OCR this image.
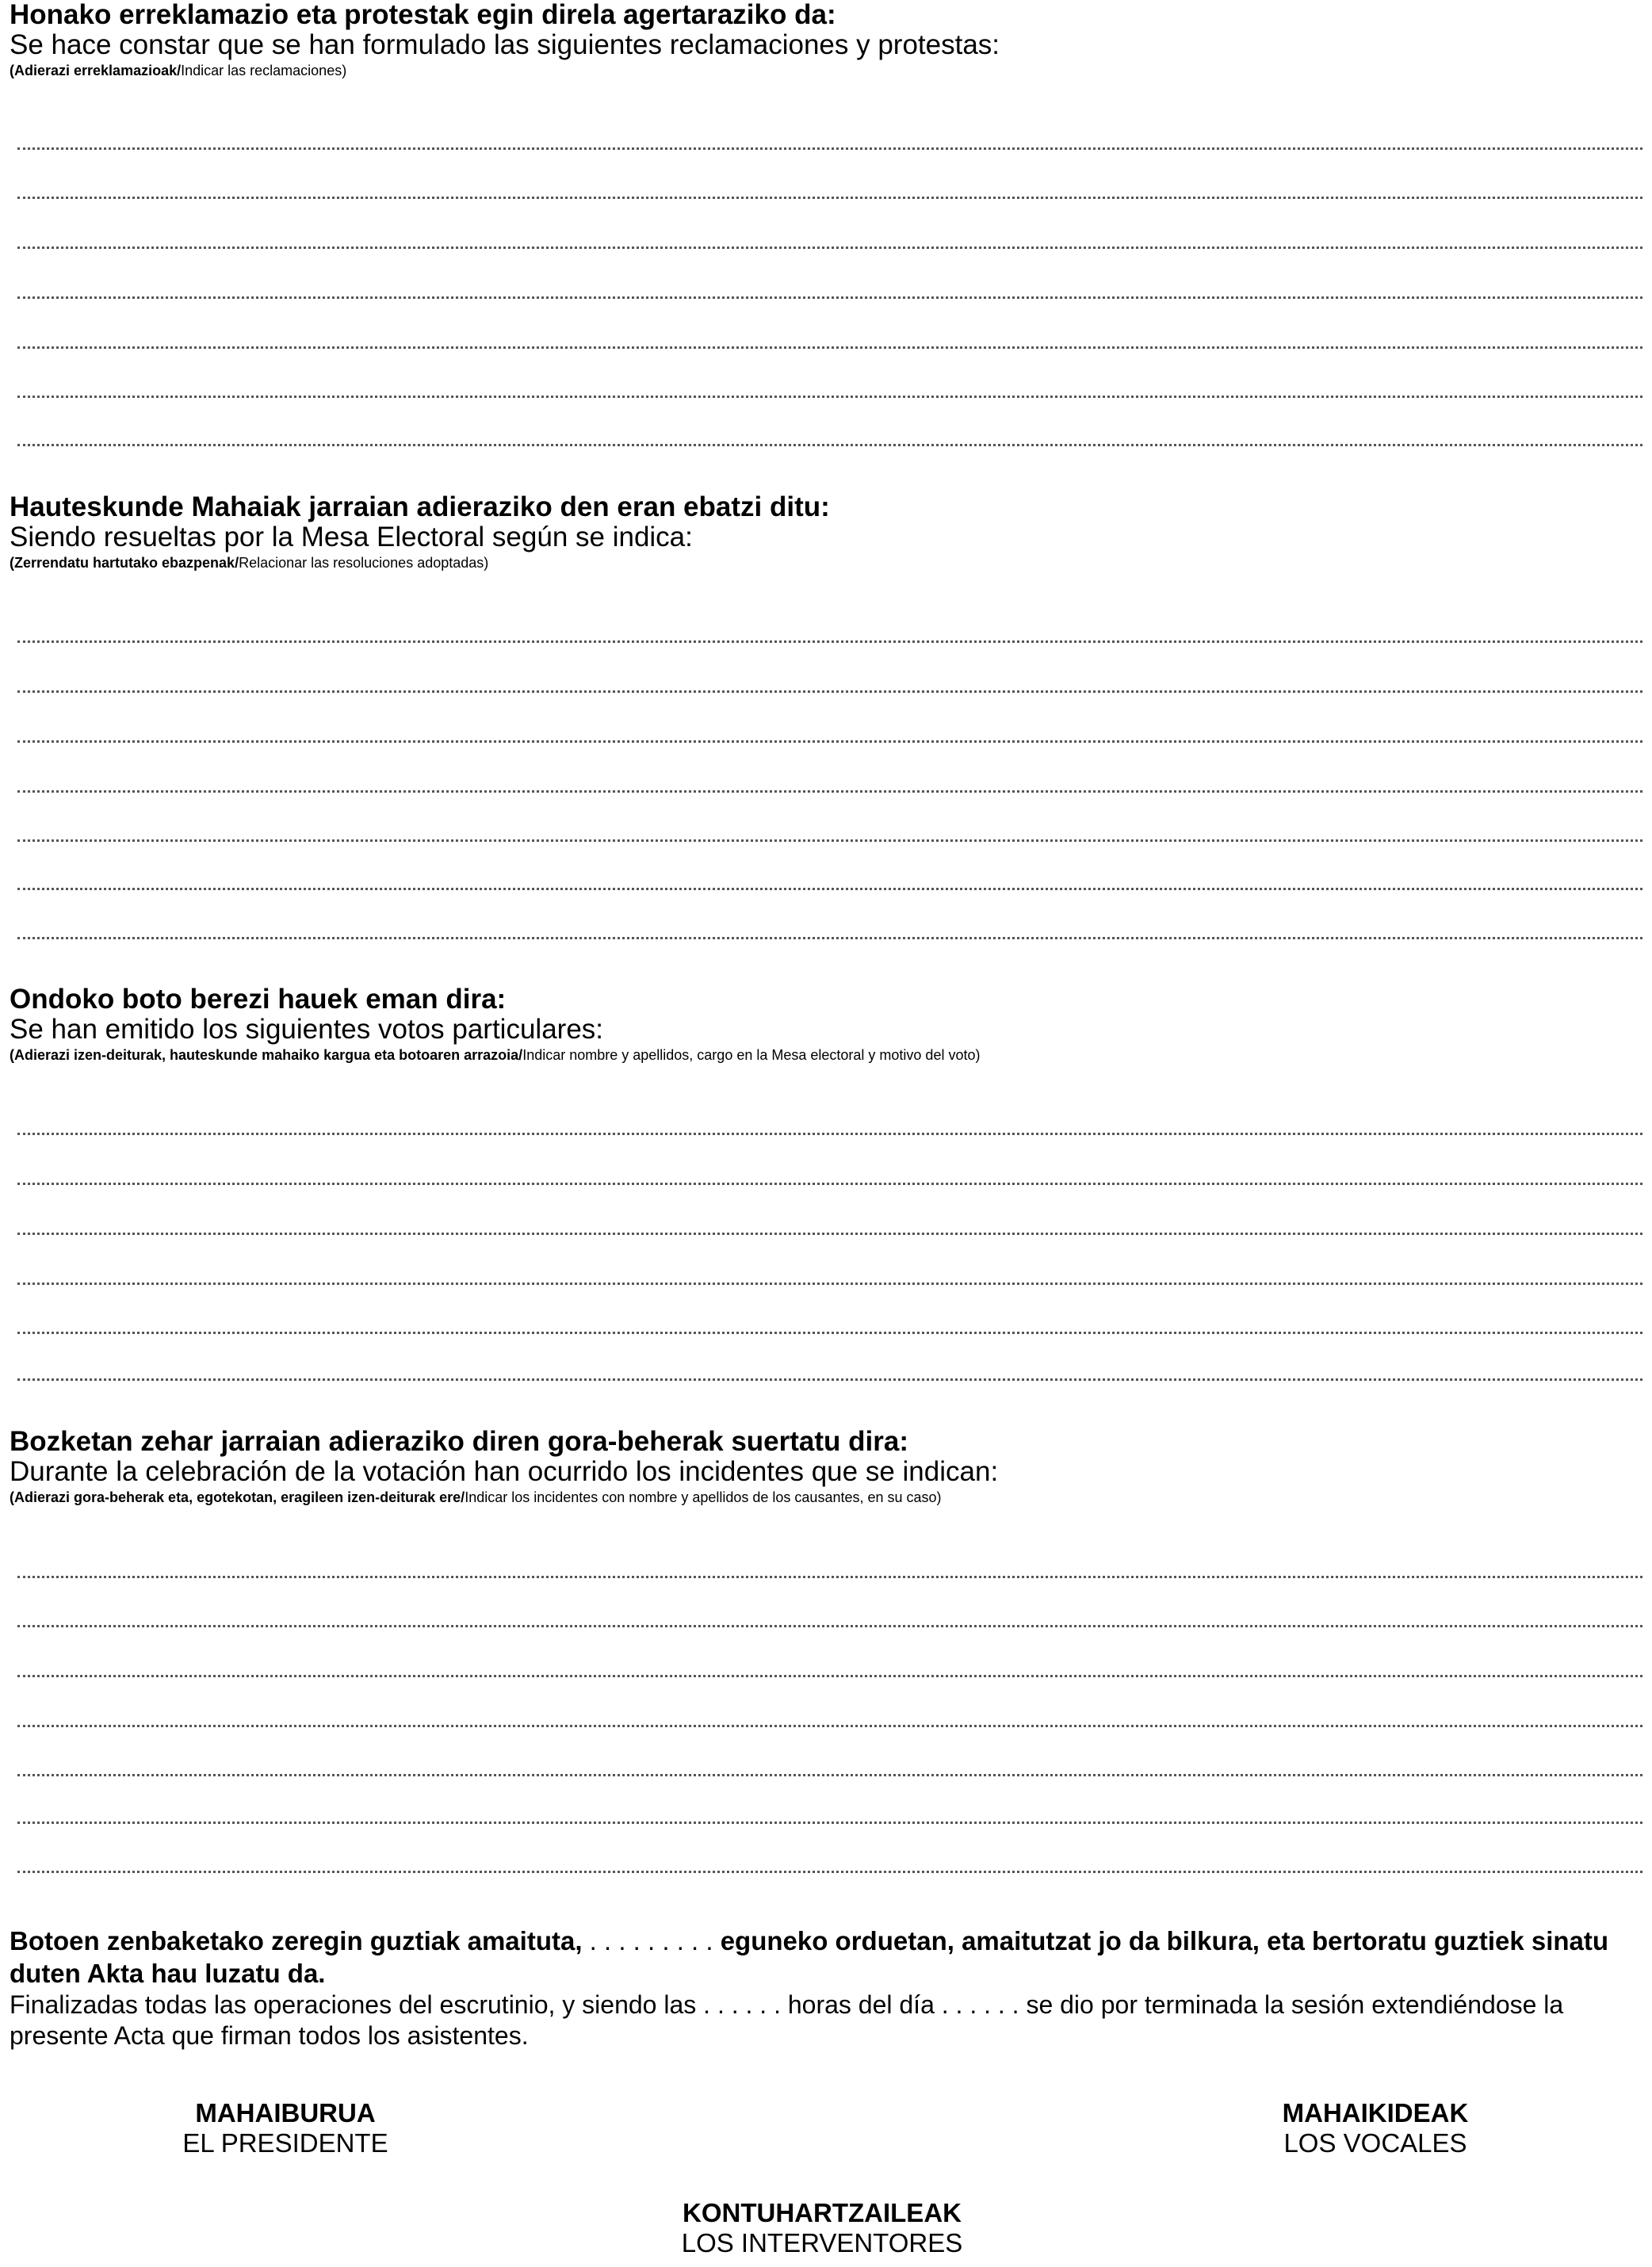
Honako erreklamazio eta protestak egin direla agertaraziko da:
Se hace constar que se han formulado las siguientes reclamaciones y protestas:
(Adierazi erreklamazioak/Indicar las reclamaciones)
Hauteskunde Mahaiak jarraian adieraziko den eran ebatzi ditu:
Siendo resueltas por la Mesa Electoral según se indica:
(Zerrendatu hartutako ebazpenak/Relacionar las resoluciones adoptadas)
Ondoko boto berezi hauek eman dira:
Se han emitido los siguientes votos particulares:
(Adierazi izen-deiturak, hauteskunde mahaiko kargua eta botoaren arrazoia/Indicar nombre y apellidos, cargo en la Mesa electoral y motivo del voto)
Bozketan zehar jarraian adieraziko diren gora-beherak suertatu dira:
Durante la celebración de la votación han ocurrido los incidentes que se indican:
(Adierazi gora-beherak eta, egotekotan, eragileen izen-deiturak ere/Indicar los incidentes con nombre y apellidos de los causantes, en su caso)
Botoen zenbaketako zeregin guztiak amaituta, . . . . . . . . . eguneko orduetan, amaitutzat jo da bilkura, eta bertoratu guztiek sinatu duten Akta hau luzatu da.
Finalizadas todas las operaciones del escrutinio, y siendo las . . . . . . horas del día . . . . . . se dio por terminada la sesión extendiéndose la presente Acta que firman todos los asistentes.
MAHAIBURUA
EL PRESIDENTE
MAHAIKIDEAK
LOS VOCALES
KONTUHARTZAILEAK
LOS INTERVENTORES
